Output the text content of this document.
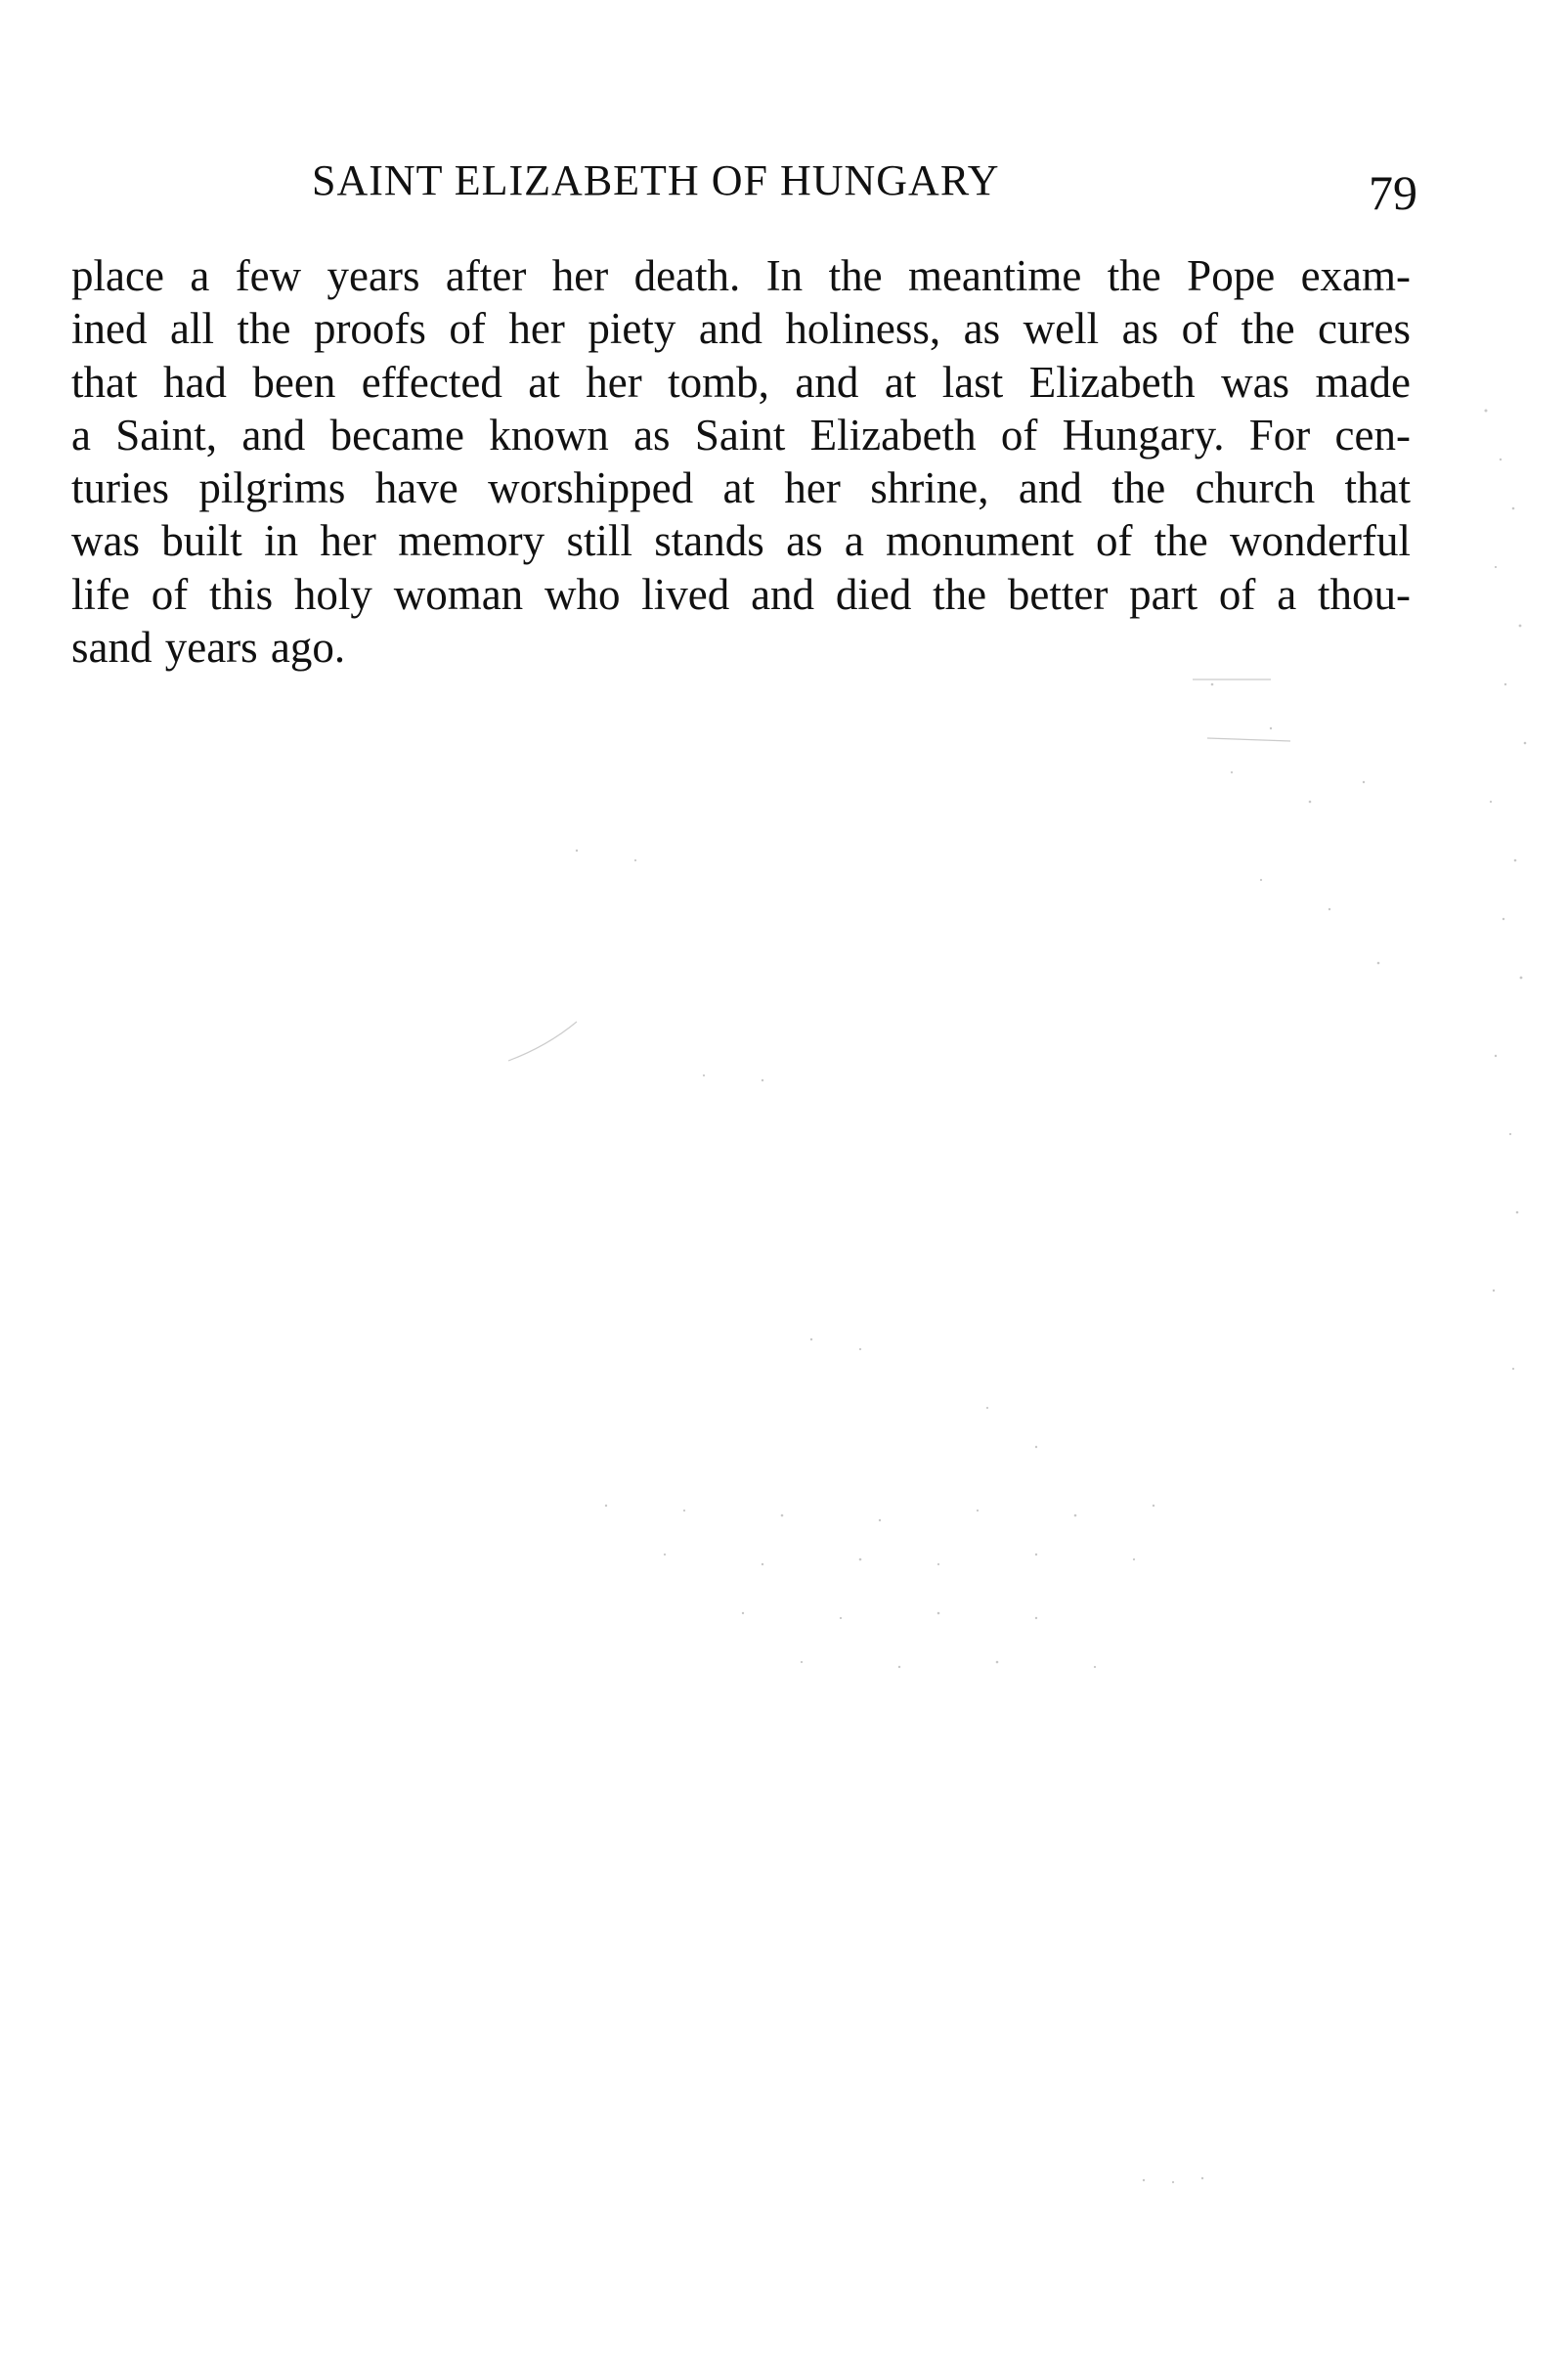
SAINT ELIZABETH OF HUNGARY	79
place a few years after her death. In the meantime the Pope exam-
ined all the proofs of her piety and holiness, as well as of the cures
that had been effected at her tomb, and at last Elizabeth was made
a Saint, and became known as Saint Elizabeth of Hungary. For cen-
turies pilgrims have worshipped at her shrine, and the church that
was built in her memory still stands as a monument of the wonderful
life of this holy woman who lived and died the better part of a thou-
sand years ago.
